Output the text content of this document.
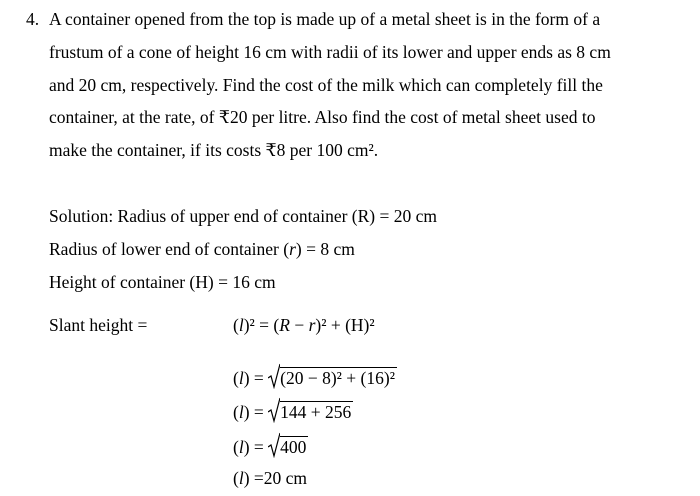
4. A container opened from the top is made up of a metal sheet is in the form of a
frustum of a cone of height 16 cm with radii of its lower and upper ends as 8 cm
and 20 cm, respectively. Find the cost of the milk which can completely fill the
container, at the rate, of ₹20 per litre. Also find the cost of metal sheet used to
make the container, if its costs ₹8 per 100 cm².
Solution: Radius of upper end of container (R) = 20 cm
Radius of lower end of container (r) = 8 cm
Height of container (H) = 16 cm
Slant height =	(l)² = (R − r)² + (H)²
(l) =
(20 − 8)² + (16)²
(l) =
144 + 256
(l) =
400
(l) =20 cm
